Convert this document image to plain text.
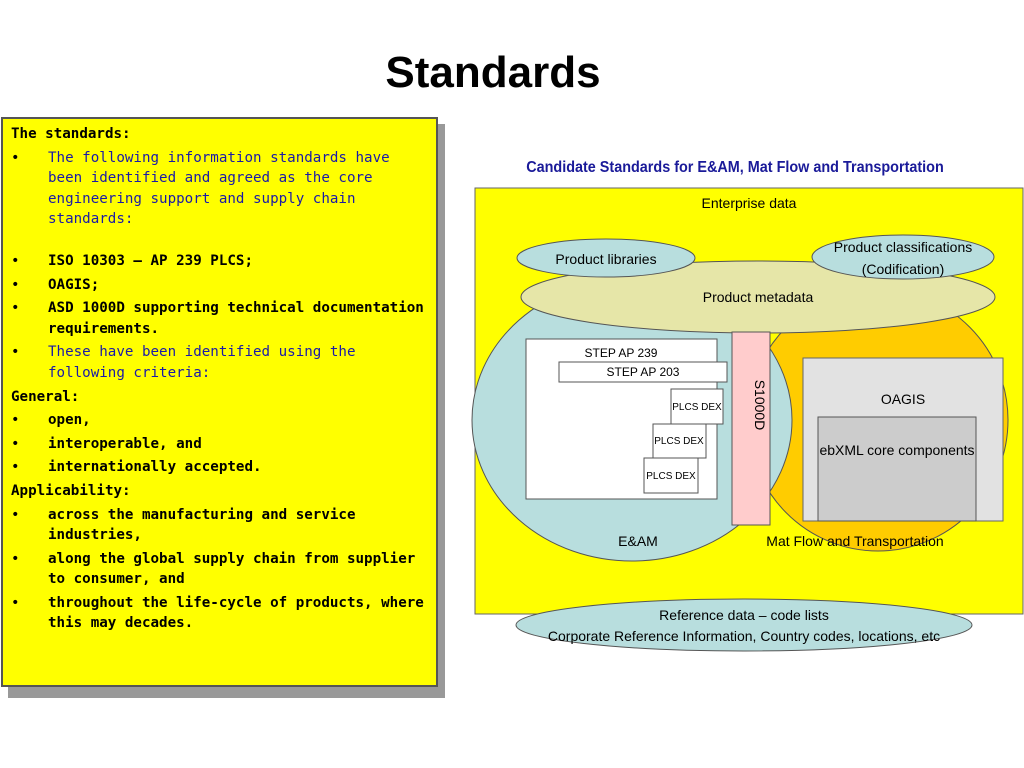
Standards
The standards:
•	The following information standards have been identified and agreed as the core engineering support and supply chain standards:
•	ISO 10303 – AP 239 PLCS;
•	OAGIS;
•	ASD 1000D supporting technical documentation requirements.
•	These have been identified using the following criteria:
General:
•	open,
•	interoperable, and
•	internationally accepted.
Applicability:
•	across the manufacturing and service industries,
•	along the global supply chain from supplier to consumer, and
•	throughout the life-cycle of products, where this may decades.
Candidate Standards for E&AM, Mat Flow and Transportation
Enterprise data
Product metadata
Product libraries
Product classifications
(Codification)
STEP AP 239
STEP AP 203
PLCS DEX
PLCS DEX
PLCS DEX
S1000D	OAGIS
ebXML core components
E&AM	Mat Flow and Transportation
Reference data – code lists
Corporate Reference Information, Country codes, locations, etc
